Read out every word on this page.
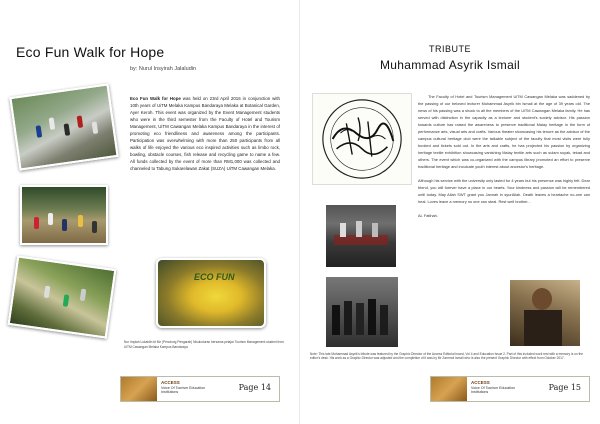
Eco Fun Walk for Hope
by: Nurul Insyirah Jalaludin
ECO FUN
Eco Fun Walk for Hope was held on 23rd April 2016 in conjunction with 10th years of UiTM Melaka Kampus Bandaraya Melaka at Botanical Garden, Ayer Keroh. This event was organized by the Event Management students who were in the third semester from the Faculty of Hotel and Tourism Management, UiTM Cawangan Melaka Kampus Bandaraya in the interest of promoting eco friendliness and awareness among the participants. Participation was overwhelming with more than 250 participants from all walks of life enjoyed the various eco inspired activities such as limbo rock, bowling, obstacle courses, fish release and recycling game to name a few. All funds collected by the event of more than RM1,000 was collected and channeled to Tabung Sukarelawan Zakat (SUZA) UiTM Cawangan Melaka.
Nor Impiah Lukaidin bt Mz (Penolong Pengarah) Nisuluduran bersama pelajar Tourism Management student from UiTM Cawangan Melaka Kampus Bandaraya
ACCESS
Voice Of Tourism Education Institutions
Page 14
TRIBUTE
Muhammad Asyrik Ismail

The Faculty of Hotel and Tourism Management UiTM Cawangan Melaka was saddened by the passing of our beloved lecturer Muhammad Asyrik bin Ismail at the age of 39 years old. The news of his passing was a shock to all the members of the UiTM Cawangan Melaka family. He has served with distinction in the capacity as a lecturer and student's society advisor. His passion towards culture has raised the awareness to preserve traditional Malay heritage in the form of performance arts, visual arts and crafts. Various theater showcasing his tenure as the advisor of the campus cultural heritage club were the talkable subject of the faculty that most visits were fully booked and tickets sold out. In the arts and crafts, he has projected his passion by organizing heritage textile exhibition showcasing vanishing Malay textile arts such as sulam suyak, tekad and others. The event which was co-organized with the campus library promoted an effort to preserve traditional heritage and inculcate youth interest about ancestor's heritage.

Although his service with the university only lasted for 4 years but his presence was highly felt. Dear friend, you will forever have a place in our hearts. Your kindness and passion will be remembered until today. May Allah SWT grant you Jannah in syurAllah. Death leaves a heartache no-one can heal. Loves leave a memory no one can steal. Rest well brother...

Al- Fatihah.

Note: This late Muhammad Asyrik's tribute was featured by the Graphic Director of the Access Editorial board, Vol 4 and Education Issue 2. Part of this included work rest with a memory is on the editor's desk. His work as a Graphic Director was adjusted and the completion of it was by Mr Zarmnot Ismail who is also the present Graphic Director with effect from October 2017.
ACCESS
Voice Of Tourism Education Institutions
Page 15
